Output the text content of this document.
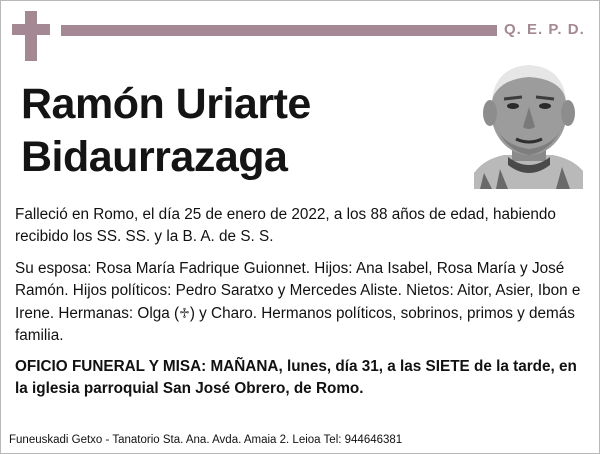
Q. E. P. D.
Ramón Uriarte
Bidaurrazaga
Falleció en Romo, el día 25 de enero de 2022, a los 88 años de edad, habiendo recibido los SS. SS. y la B. A. de S. S.
Su esposa: Rosa María Fadrique Guionnet. Hijos: Ana Isabel, Rosa María y José Ramón. Hijos políticos: Pedro Saratxo y Mercedes Aliste. Nietos: Aitor, Asier, Ibon e Irene. Hermanas: Olga (♱) y Charo. Hermanos políticos, sobrinos, primos y demás familia.
OFICIO FUNERAL Y MISA: MAÑANA, lunes, día 31, a las SIETE de la tarde, en la iglesia parroquial San José Obrero, de Romo.
Funeuskadi Getxo - Tanatorio Sta. Ana. Avda. Amaia 2. Leioa Tel: 944646381
